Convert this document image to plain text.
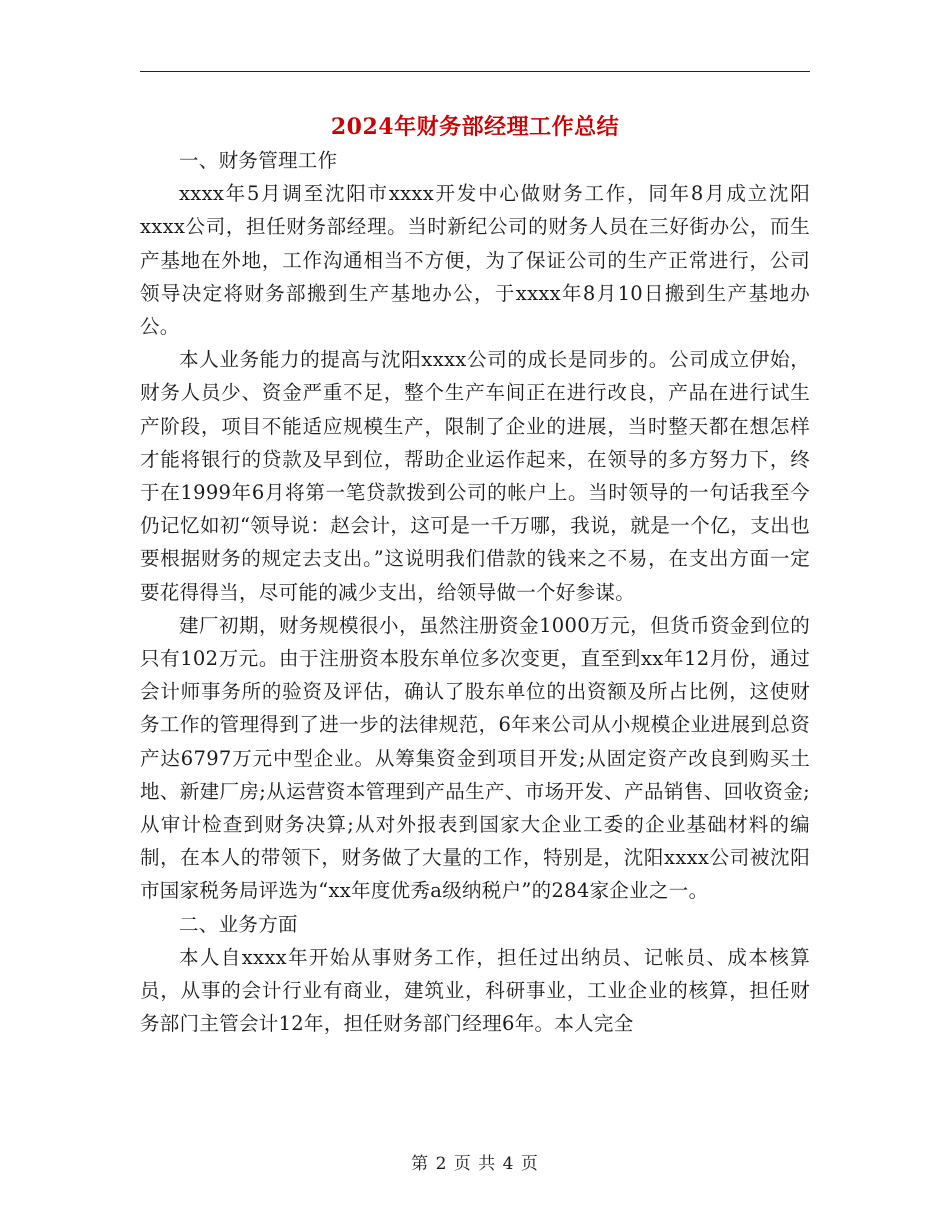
2024年财务部经理工作总结

一、财务管理工作

xxxx年5月调至沈阳市xxxx开发中心做财务工作，同年8月成立沈阳xxxx公司，担任财务部经理。当时新纪公司的财务人员在三好街办公，而生产基地在外地，工作沟通相当不方便，为了保证公司的生产正常进行，公司领导决定将财务部搬到生产基地办公，于xxxx年8月10日搬到生产基地办公。

本人业务能力的提高与沈阳xxxx公司的成长是同步的。公司成立伊始，财务人员少、资金严重不足，整个生产车间正在进行改良，产品在进行试生产阶段，项目不能适应规模生产，限制了企业的进展，当时整天都在想怎样才能将银行的贷款及早到位，帮助企业运作起来，在领导的多方努力下，终于在1999年6月将第一笔贷款拨到公司的帐户上。当时领导的一句话我至今仍记忆如初“领导说：赵会计，这可是一千万哪，我说，就是一个亿，支出也要根据财务的规定去支出。”这说明我们借款的钱来之不易，在支出方面一定要花得得当，尽可能的减少支出，给领导做一个好参谋。

建厂初期，财务规模很小，虽然注册资金1000万元，但货币资金到位的只有102万元。由于注册资本股东单位多次变更，直至到xx年12月份，通过会计师事务所的验资及评估，确认了股东单位的出资额及所占比例，这使财务工作的管理得到了进一步的法律规范，6年来公司从小规模企业进展到总资产达6797万元中型企业。从筹集资金到项目开发;从固定资产改良到购买土地、新建厂房;从运营资本管理到产品生产、市场开发、产品销售、回收资金;从审计检查到财务决算;从对外报表到国家大企业工委的企业基础材料的编制，在本人的带领下，财务做了大量的工作，特别是，沈阳xxxx公司被沈阳市国家税务局评选为“xx年度优秀a级纳税户”的284家企业之一。

二、业务方面

本人自xxxx年开始从事财务工作，担任过出纳员、记帐员、成本核算员，从事的会计行业有商业，建筑业，科研事业，工业企业的核算，担任财务部门主管会计12年，担任财务部门经理6年。本人完全

第 2 页 共 4 页
